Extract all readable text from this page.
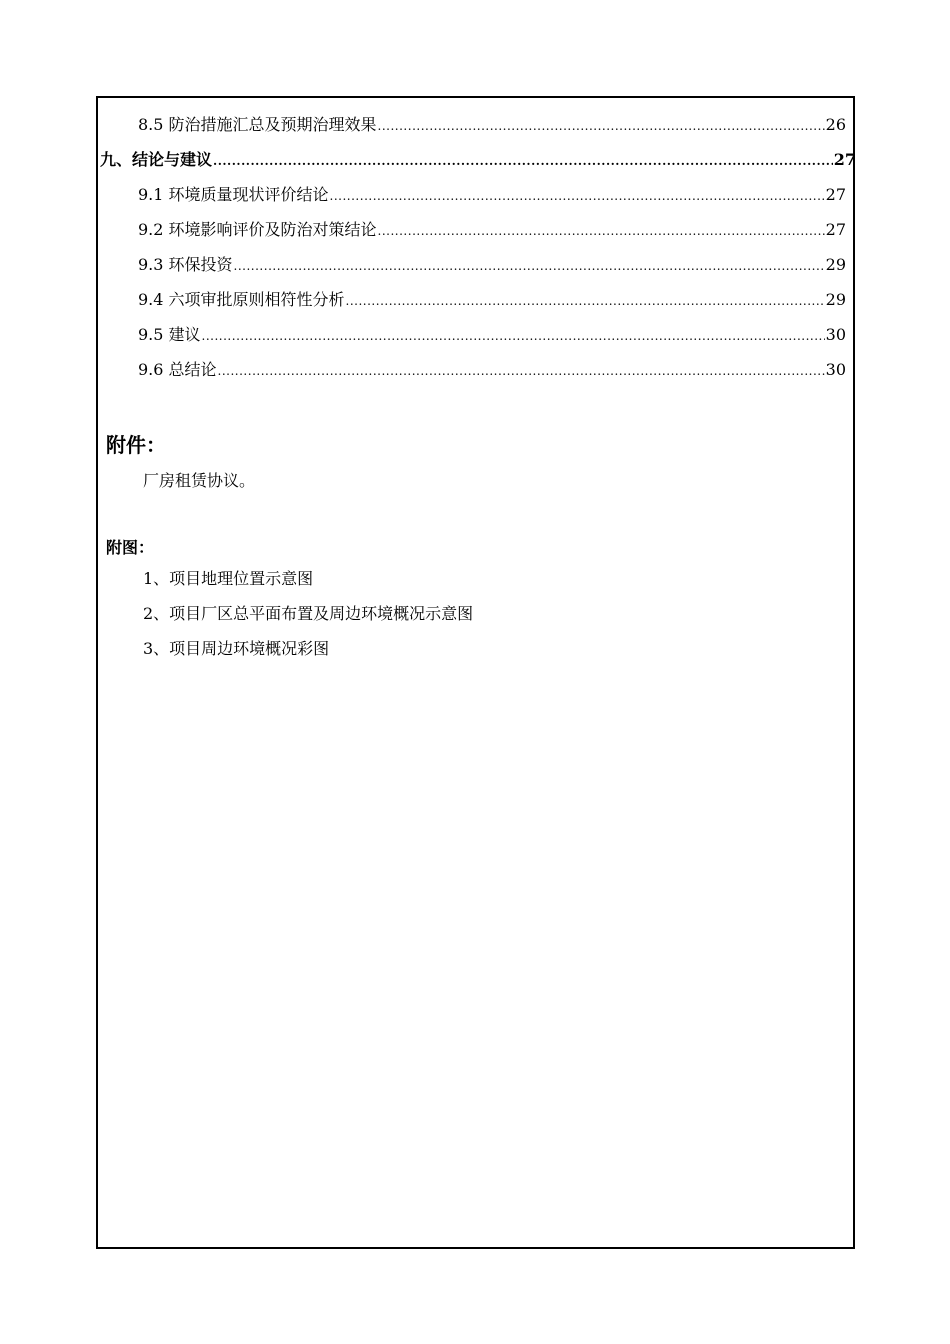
8.5 防治措施汇总及预期治理效果 .....	26
九、结论与建议 .....	27
9.1 环境质量现状评价结论 .....	27
9.2 环境影响评价及防治对策结论 .....	27
9.3 环保投资 .....	29
9.4 六项审批原则相符性分析 .....	29
9.5 建议 .....	30
9.6 总结论 .....	30
附件：
厂房租赁协议。
附图：
1、项目地理位置示意图
2、项目厂区总平面布置及周边环境概况示意图
3、项目周边环境概况彩图
